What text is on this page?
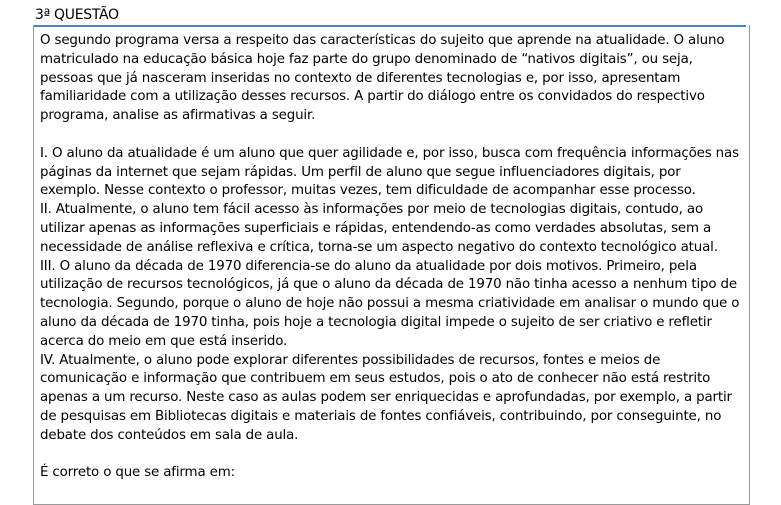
3ª QUESTÃO

O segundo programa versa a respeito das características do sujeito que aprende na atualidade. O aluno matriculado na educação básica hoje faz parte do grupo denominado de “nativos digitais”, ou seja, pessoas que já nasceram inseridas no contexto de diferentes tecnologias e, por isso, apresentam familiaridade com a utilização desses recursos. A partir do diálogo entre os convidados do respectivo programa, analise as afirmativas a seguir.

I. O aluno da atualidade é um aluno que quer agilidade e, por isso, busca com frequência informações nas páginas da internet que sejam rápidas. Um perfil de aluno que segue influenciadores digitais, por exemplo. Nesse contexto o professor, muitas vezes, tem dificuldade de acompanhar esse processo.

II. Atualmente, o aluno tem fácil acesso às informações por meio de tecnologias digitais, contudo, ao utilizar apenas as informações superficiais e rápidas, entendendo-as como verdades absolutas, sem a necessidade de análise reflexiva e crítica, torna-se um aspecto negativo do contexto tecnológico atual.

III. O aluno da década de 1970 diferencia-se do aluno da atualidade por dois motivos. Primeiro, pela utilização de recursos tecnológicos, já que o aluno da década de 1970 não tinha acesso a nenhum tipo de tecnologia. Segundo, porque o aluno de hoje não possui a mesma criatividade em analisar o mundo que o aluno da década de 1970 tinha, pois hoje a tecnologia digital impede o sujeito de ser criativo e refletir acerca do meio em que está inserido.

IV. Atualmente, o aluno pode explorar diferentes possibilidades de recursos, fontes e meios de comunicação e informação que contribuem em seus estudos, pois o ato de conhecer não está restrito apenas a um recurso. Neste caso as aulas podem ser enriquecidas e aprofundadas, por exemplo, a partir de pesquisas em Bibliotecas digitais e materiais de fontes confiáveis, contribuindo, por conseguinte, no debate dos conteúdos em sala de aula.

É correto o que se afirma em:
